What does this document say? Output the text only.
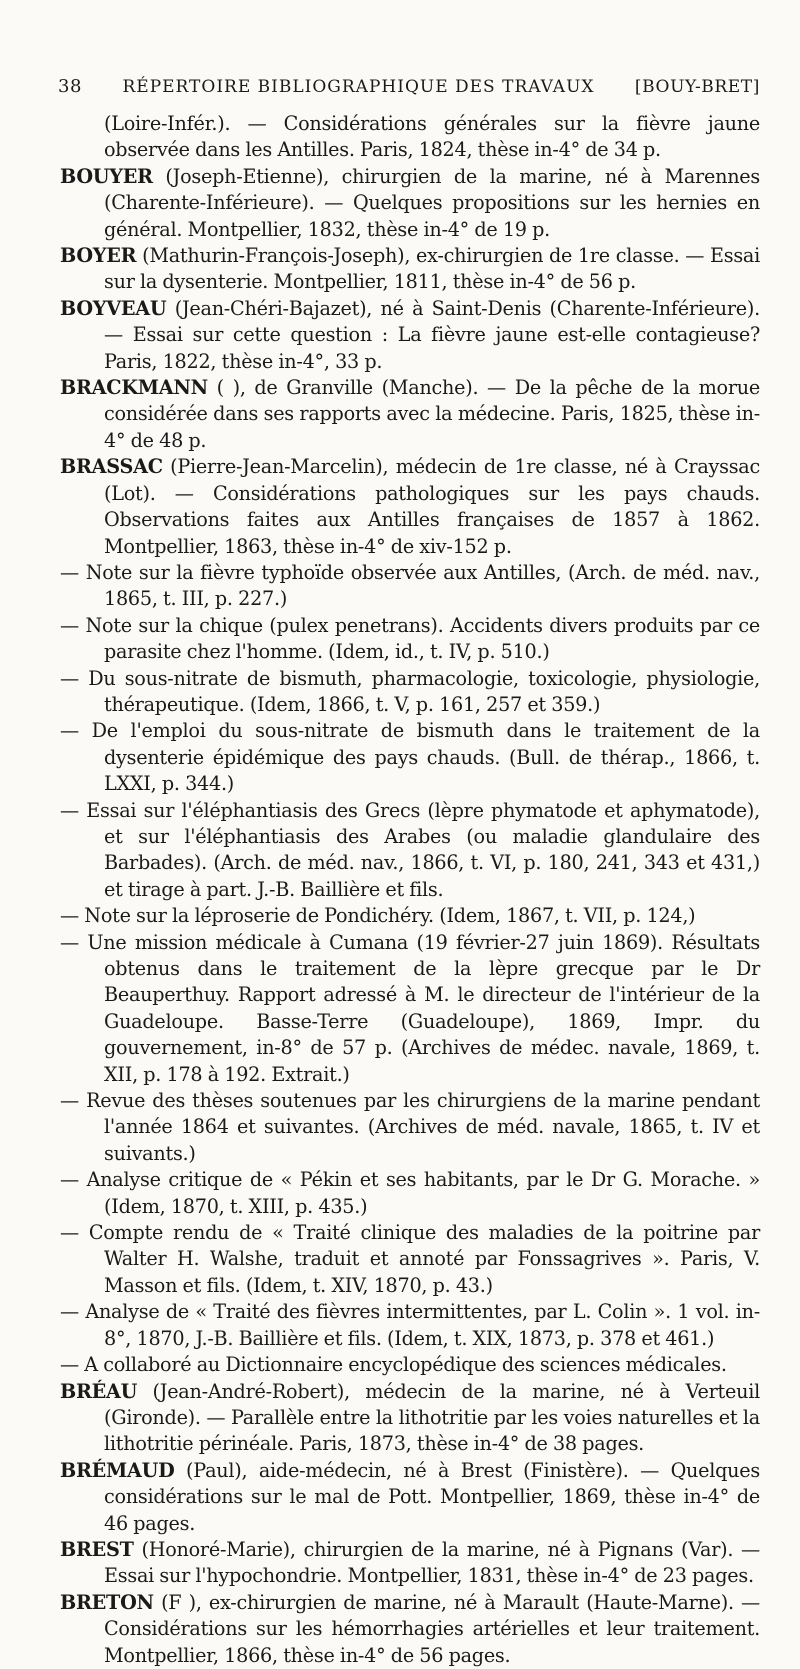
38 RÉPERTOIRE BIBLIOGRAPHIQUE DES TRAVAUX [BOUY-BRET]

(Loire-Infér.). — Considérations générales sur la fièvre jaune observée dans les Antilles. Paris, 1824, thèse in-4° de 34 p.

BOUYER (Joseph-Etienne), chirurgien de la marine, né à Marennes (Charente-Inférieure). — Quelques propositions sur les hernies en général. Montpellier, 1832, thèse in-4° de 19 p.

BOYER (Mathurin-François-Joseph), ex-chirurgien de 1re classe. — Essai sur la dysenterie. Montpellier, 1811, thèse in-4° de 56 p.

BOYVEAU (Jean-Chéri-Bajazet), né à Saint-Denis (Charente-Inférieure). — Essai sur cette question : La fièvre jaune est-elle contagieuse? Paris, 1822, thèse in-4°, 33 p.

BRACKMANN ( ), de Granville (Manche). — De la pêche de la morue considérée dans ses rapports avec la médecine. Paris, 1825, thèse in-4° de 48 p.

BRASSAC (Pierre-Jean-Marcelin), médecin de 1re classe, né à Crayssac (Lot). — Considérations pathologiques sur les pays chauds. Observations faites aux Antilles françaises de 1857 à 1862. Montpellier, 1863, thèse in-4° de xiv-152 p.

— Note sur la fièvre typhoïde observée aux Antilles, (Arch. de méd. nav., 1865, t. III, p. 227.)

— Note sur la chique (pulex penetrans). Accidents divers produits par ce parasite chez l'homme. (Idem, id., t. IV, p. 510.)

— Du sous-nitrate de bismuth, pharmacologie, toxicologie, physiologie, thérapeutique. (Idem, 1866, t. V, p. 161, 257 et 359.)

— De l'emploi du sous-nitrate de bismuth dans le traitement de la dysenterie épidémique des pays chauds. (Bull. de thérap., 1866, t. LXXI, p. 344.)

— Essai sur l'éléphantiasis des Grecs (lèpre phymatode et aphymatode), et sur l'éléphantiasis des Arabes (ou maladie glandulaire des Barbades). (Arch. de méd. nav., 1866, t. VI, p. 180, 241, 343 et 431,) et tirage à part. J.-B. Baillière et fils.

— Note sur la léproserie de Pondichéry. (Idem, 1867, t. VII, p. 124,)

— Une mission médicale à Cumana (19 février-27 juin 1869). Résultats obtenus dans le traitement de la lèpre grecque par le Dr Beauperthuy. Rapport adressé à M. le directeur de l'intérieur de la Guadeloupe. Basse-Terre (Guadeloupe), 1869, Impr. du gouvernement, in-8° de 57 p. (Archives de médec. navale, 1869, t. XII, p. 178 à 192. Extrait.)

— Revue des thèses soutenues par les chirurgiens de la marine pendant l'année 1864 et suivantes. (Archives de méd. navale, 1865, t. IV et suivants.)

— Analyse critique de « Pékin et ses habitants, par le Dr G. Morache. » (Idem, 1870, t. XIII, p. 435.)

— Compte rendu de « Traité clinique des maladies de la poitrine par Walter H. Walshe, traduit et annoté par Fonssagrives ». Paris, V. Masson et fils. (Idem, t. XIV, 1870, p. 43.)

— Analyse de « Traité des fièvres intermittentes, par L. Colin ». 1 vol. in-8°, 1870, J.-B. Baillière et fils. (Idem, t. XIX, 1873, p. 378 et 461.)

— A collaboré au Dictionnaire encyclopédique des sciences médicales.

BRÉAU (Jean-André-Robert), médecin de la marine, né à Verteuil (Gironde). — Parallèle entre la lithotritie par les voies naturelles et la lithotritie périnéale. Paris, 1873, thèse in-4° de 38 pages.

BRÉMAUD (Paul), aide-médecin, né à Brest (Finistère). — Quelques considérations sur le mal de Pott. Montpellier, 1869, thèse in-4° de 46 pages.

BREST (Honoré-Marie), chirurgien de la marine, né à Pignans (Var). — Essai sur l'hypochondrie. Montpellier, 1831, thèse in-4° de 23 pages.

BRETON (F ), ex-chirurgien de marine, né à Marault (Haute-Marne). — Considérations sur les hémorrhagies artérielles et leur traitement. Montpellier, 1866, thèse in-4° de 56 pages.
